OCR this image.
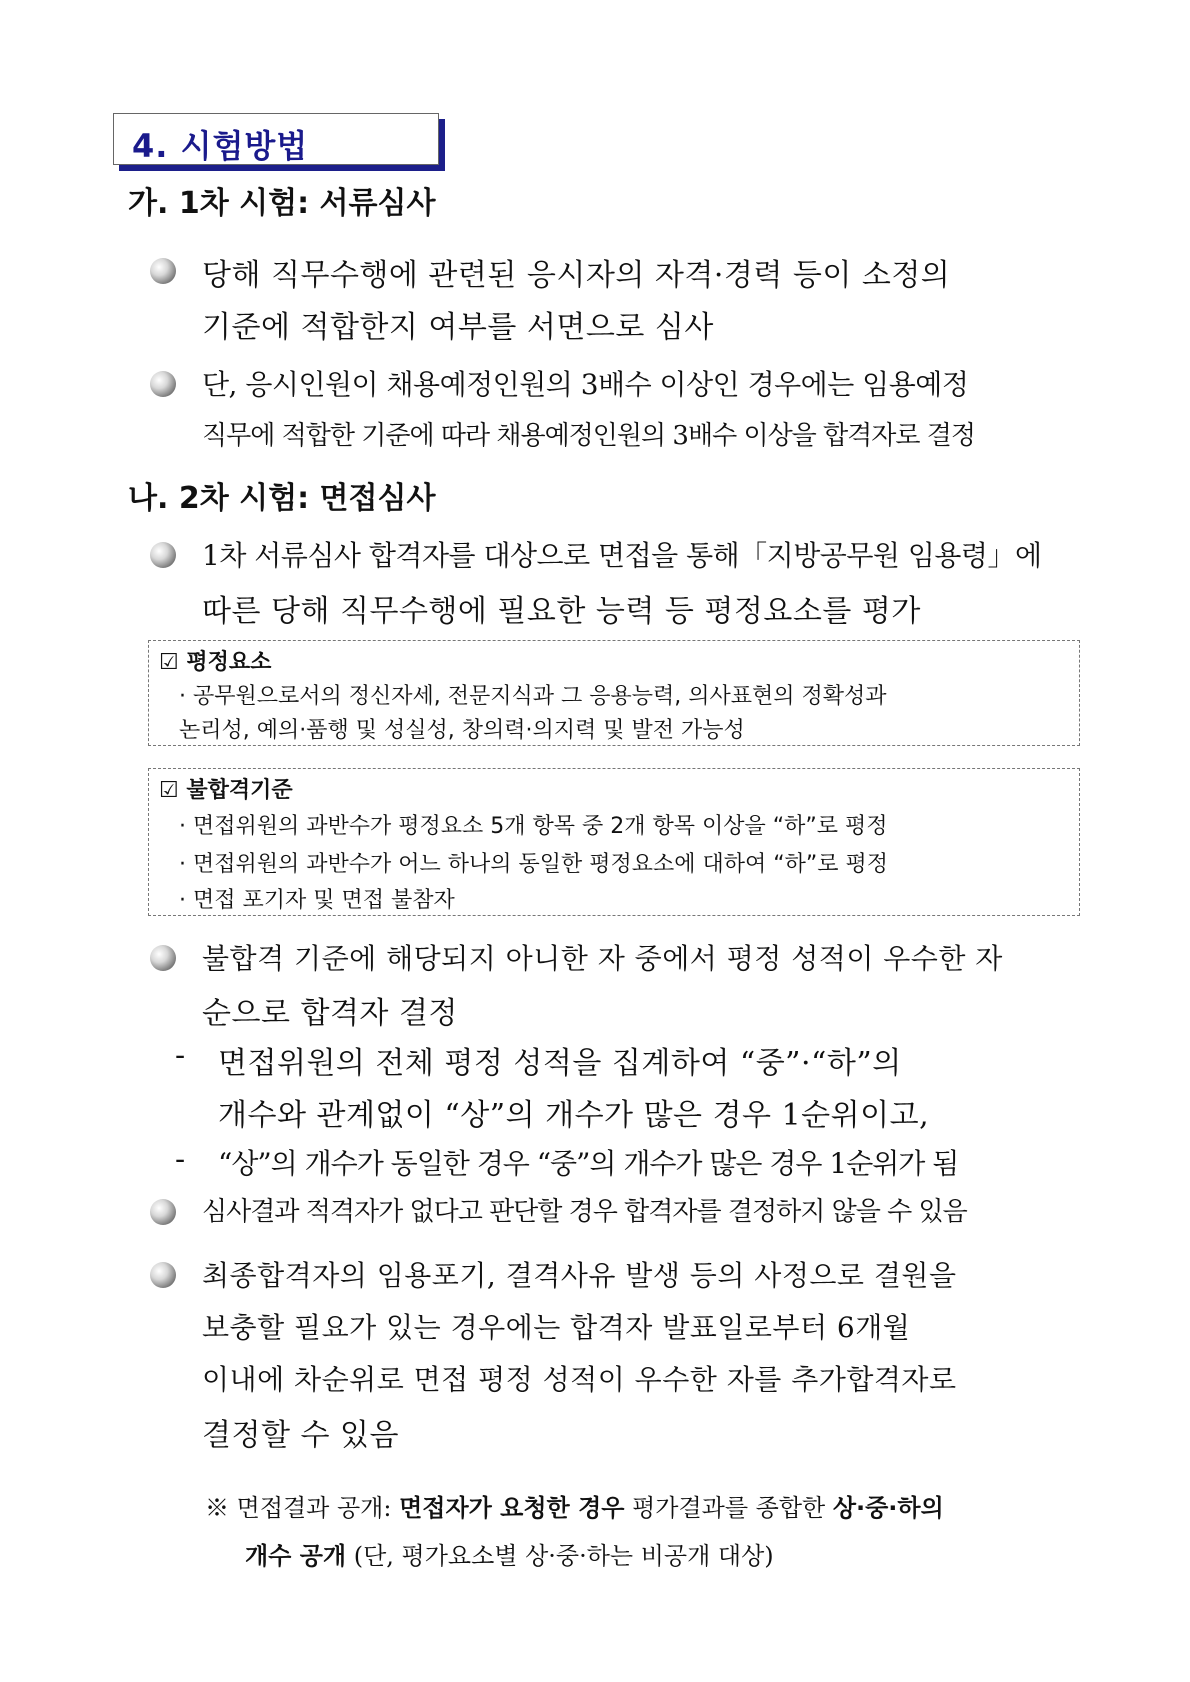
4. 시험방법
가. 1차 시험: 서류심사
당해 직무수행에 관련된 응시자의 자격·경력 등이 소정의
기준에 적합한지 여부를 서면으로 심사
단, 응시인원이 채용예정인원의 3배수 이상인 경우에는 임용예정
직무에 적합한 기준에 따라 채용예정인원의 3배수 이상을 합격자로 결정
나. 2차 시험: 면접심사
1차 서류심사 합격자를 대상으로 면접을 통해「지방공무원 임용령」에
따른 당해 직무수행에 필요한 능력 등 평정요소를 평가
☑ 평정요소
· 공무원으로서의 정신자세, 전문지식과 그 응용능력, 의사표현의 정확성과
논리성, 예의·품행 및 성실성, 창의력·의지력 및 발전 가능성
☑ 불합격기준
· 면접위원의 과반수가 평정요소 5개 항목 중 2개 항목 이상을 “하”로 평정
· 면접위원의 과반수가 어느 하나의 동일한 평정요소에 대하여 “하”로 평정
· 면접 포기자 및 면접 불참자
불합격 기준에 해당되지 아니한 자 중에서 평정 성적이 우수한 자
순으로 합격자 결정
- 면접위원의 전체 평정 성적을 집계하여 “중”·“하”의
개수와 관계없이 “상”의 개수가 많은 경우 1순위이고,
- “상”의 개수가 동일한 경우 “중”의 개수가 많은 경우 1순위가 됨
심사결과 적격자가 없다고 판단할 경우 합격자를 결정하지 않을 수 있음
최종합격자의 임용포기, 결격사유 발생 등의 사정으로 결원을
보충할 필요가 있는 경우에는 합격자 발표일로부터 6개월
이내에 차순위로 면접 평정 성적이 우수한 자를 추가합격자로
결정할 수 있음
※ 면접결과 공개: 면접자가 요청한 경우 평가결과를 종합한 상·중·하의
개수 공개 (단, 평가요소별 상·중·하는 비공개 대상)
